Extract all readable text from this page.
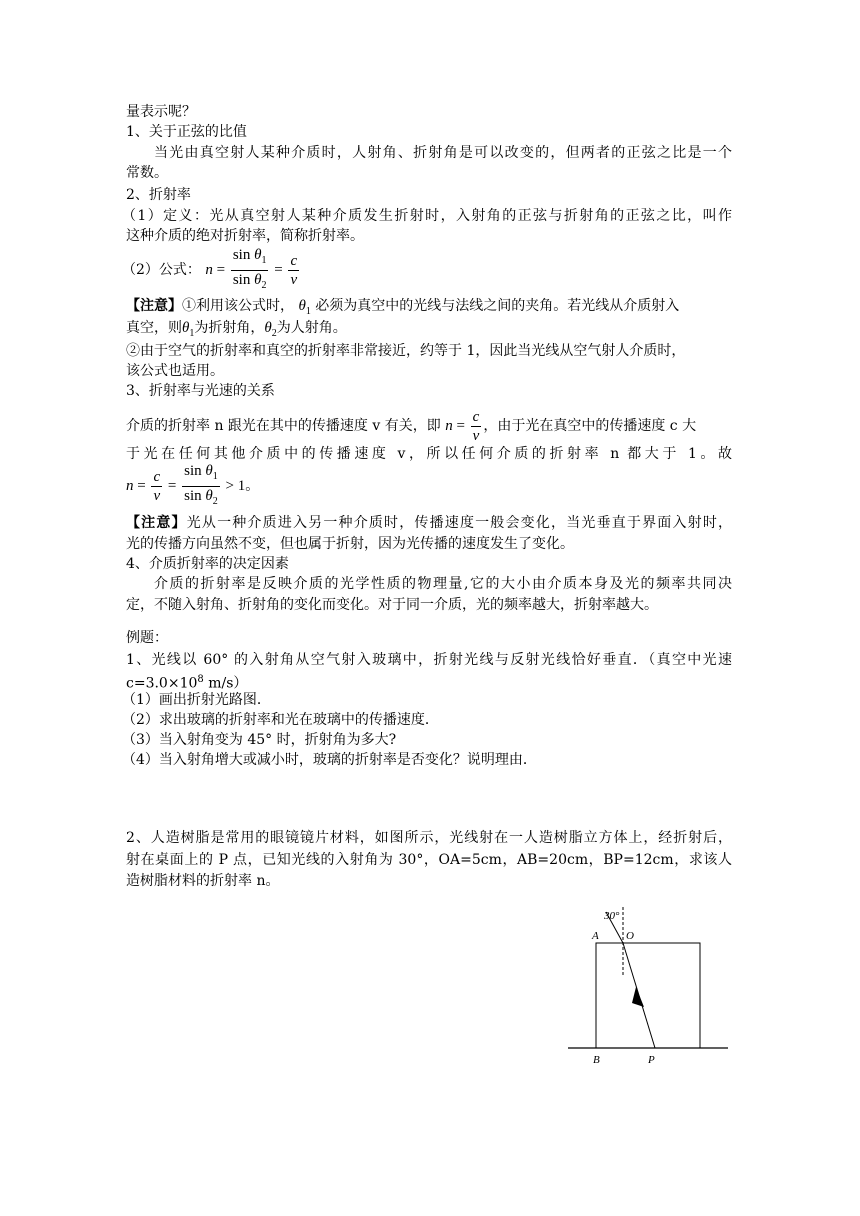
量表示呢？
1、关于正弦的比值
当光由真空射人某种介质时，人射角、折射角是可以改变的，但两者的正弦之比是一个
常数。
2、折射率
（1）定义：光从真空射人某种介质发生折射时，入射角的正弦与折射角的正弦之比，叫作
这种介质的绝对折射率，简称折射率。
（2）公式： $n = \frac{\sin \theta_1}{\sin \theta_2} = \frac{c}{v}$
【注意】①利用该公式时， $\theta_1$ 必须为真空中的光线与法线之间的夹角。若光线从介质射入
真空，则$\theta_1$为折射角，$\theta_2$为人射角。
②由于空气的折射率和真空的折射率非常接近，约等于 1，因此当光线从空气射人介质时，
该公式也适用。
3、折射率与光速的关系
介质的折射率 n 跟光在其中的传播速度 v 有关，即 $n = \frac{c}{v}$ ，由于光在真空中的传播速度 c 大
于光在任何其他介质中的传播速度 v，所以任何介质的折射率 n 都大于 1。故
$n = \frac{c}{v} = \frac{\sin \theta_1}{\sin \theta_2} > 1$。
【注意】光从一种介质进入另一种介质时，传播速度一般会变化，当光垂直于界面入射时，
光的传播方向虽然不变，但也属于折射，因为光传播的速度发生了变化。
4、介质折射率的决定因素
介质的折射率是反映介质的光学性质的物理量,它的大小由介质本身及光的频率共同决
定，不随入射角、折射角的变化而变化。对于同一介质，光的频率越大，折射率越大。
例题：
1、光线以 60° 的入射角从空气射入玻璃中，折射光线与反射光线恰好垂直．（真空中光速
$c=3.0\times 10^8$ m/s）
（1）画出折射光路图．
（2）求出玻璃的折射率和光在玻璃中的传播速度．
（3）当入射角变为 45° 时，折射角为多大?
（4）当入射角增大或减小时，玻璃的折射率是否变化？说明理由．
2、人造树脂是常用的眼镜镜片材料，如图所示，光线射在一人造树脂立方体上，经折射后，
射在桌面上的 P 点，已知光线的入射角为 30°，OA=5cm，AB=20cm，BP=12cm，求该人
造树脂材料的折射率 n。
30°
A O
B	P
